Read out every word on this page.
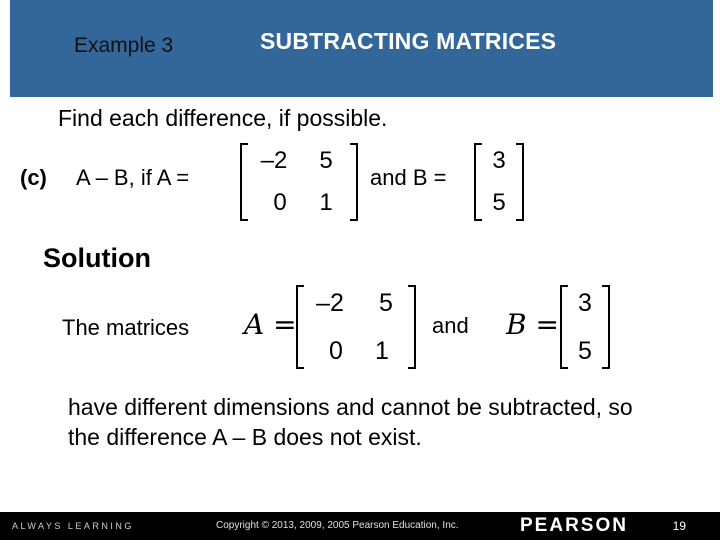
Example 3	SUBTRACTING MATRICES
Find each difference, if possible.
(c) A – B, if A =
–2	5
0	1
and B =
3
5
Solution
The matrices A =
–2	5
0	1
and B =
3
5
have different dimensions and cannot be subtracted, so the difference A – B does not exist.
ALWAYS LEARNING	Copyright © 2013, 2009, 2005 Pearson Education, Inc.	PEARSON	19
